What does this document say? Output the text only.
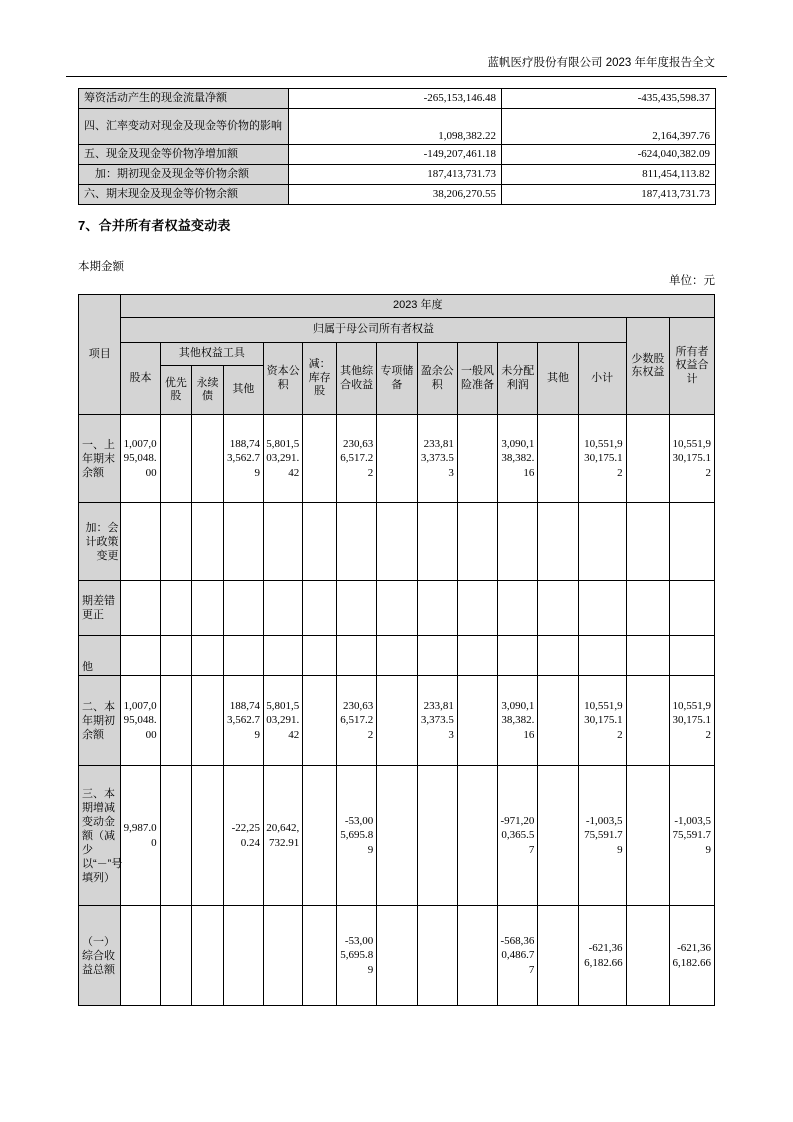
蓝帆医疗股份有限公司 2023 年年度报告全文
筹资活动产生的现金流量净额	-265,153,146.48	-435,435,598.37
四、汇率变动对现金及现金等价物的影响	1,098,382.22	2,164,397.76
五、现金及现金等价物净增加额	-149,207,461.18	-624,040,382.09
加：期初现金及现金等价物余额	187,413,731.73	811,454,113.82
六、期末现金及现金等价物余额	38,206,270.55	187,413,731.73
7、合并所有者权益变动表
本期金额
单位：元
项目	2023 年度														
	归属于母公司所有者权益													少数股东权益	所有者权益合计
	股本	其他权益工具			资本公积	减：库存股	其他综合收益	专项储备	盈余公积	一般风险准备	未分配利润	其他	小计		
		优先股	永续债	其他											
一、上年期末余额	1,007,095,048.00			188,743,562.79	5,801,503,291.42		230,636,517.22		233,813,373.53		3,090,138,382.16		10,551,930,175.12		10,551,930,175.12
加：会计政策变更															
期差错更正															
他															
二、本年期初余额	1,007,095,048.00			188,743,562.79	5,801,503,291.42		230,636,517.22		233,813,373.53		3,090,138,382.16		10,551,930,175.12		10,551,930,175.12
三、本期增减变动金额（减少以“－”号填列）	9,987.00			-22,250.24	20,642,732.91		-53,005,695.89				-971,200,365.57		-1,003,575,591.79		-1,003,575,591.79
（一）综合收益总额							-53,005,695.89				-568,360,486.77		-621,366,182.66		-621,366,182.66
